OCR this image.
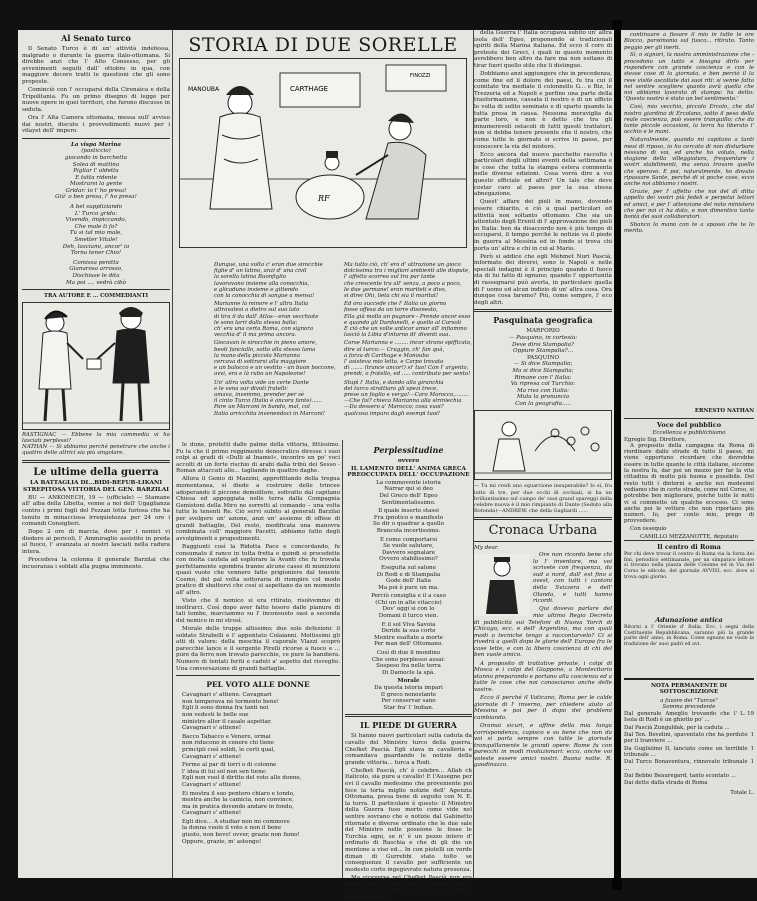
Al Senato turco

Il Senato Turco è di un' attività indefessa, malgrado o durante la guerra italo-ottomana. Si direbbe anzi che l' Alto Consesso, per gli avvenimenti seguiti dall' ottobre in qua, con maggiore decoro tratti le questioni che gli sono proposte.

Cominciò con l' occuparsi della Cirenaica e della Tripolitania. Fu un primo disegno di legge per nuove opere in quei territori, che furono discusse in seduta.

Ora l' Alta Camera ottomana, messa sull' avviso dai nostri, discute i provvedimenti nuovi per i vilayet dell' impero.

La vispa Marina
(pasticcio)
giocando in barchetta
Solea di mattina
Pigliar l' oldetta
E tutta ridente
Mostrarsi la gente
Gridar: io l' ho presa!
Giù' o ben presa, l' ho presa!
A bel suppliziando
L' Turco grido:
Vivendo, impiccando,
Che male ti fo?
Tu si tal mio male,
Smetter Vitale!
Deh, lasciami, ancor' io
Torna tener Chio!
Comissa penitta
Gianarosa arrosso,
Dischiuse le dita
Ma poi .... vedrà cibò
TRA AUTORE E ... COMMEDIANTI
RASTIGNAC — Ebbene la mia commedia vi ha lasciati perplessi?
NATHAN — Sì abbiamo perché penetrare che anche i quattro delle attrici sia più singolare.
Le ultime della guerra
LA BATTAGLIA DI...BIDI-BEFUB-LIKANI
STREPITOSA VITTORIA DEL GEN. BARZILAI

BU — ANKONECH, 19 — (ufficiale) — Stamane all' alba della Libetta, venne a noi dell' Ugaglianza contro i primi fogli del Fezzan lotta furiosa che ha tenuto in minacciosa irrequietezza per 24 ore i comandi Consiglieri.

Dopo 2 ore di marcia, dove per i nemici vi diedero ai pericoli, l' Ammiraglio assistito in preda al fuoco, l' avanzata ai nostri lasciati nella radura intera.

Procedeva la colonna il generale Barzilai che incuoranza i soldati alla pugna imminente.

STORIA DI DUE SORELLE
MANOUBA	CARTHAGE
FINOZZI
RF
Dunque, una volta c' eran due sirocchie
figlie d' un latino, anzi d' una civil
la sorella latina Buonfiglio
lavoravano insieme alla conocchia,
e glicaduno insieme e gittendo
con la conocchia di sangue a mensa!
Marianne la minore e l' altra Italia
attravatesi a dietro sul suo lato
di tira il da dall' Atlas—eran vecchiate
le sono larri dalla stessa balia:
ch' era una certa Roma, con signora
vecchia d' il ma prima ancora.
Giocavan le sirocchie in pieno amore,
beoti fanciullo, sotto alla stesso lama
la mano della piccola Marianna
cercava di sottrarsi alla maggiore
e un balocco e un vestito - un buon boccone,
avvi, era e là rubo un Napoleone!
Un' altra volta vide un certe Dante
e le vena sur divoti fratelli:
amava, invemmo, prender per sè
il cinto Turco (Italia è ancora fante)......
Pare un Marconi in bando, mal, col
Italia arricchita invenendoci in Marconi!
Ma tutto ciò, ch' era d' attrazione un gioco
dolcissima tra i migliori ambienti alle dispute,
l' affetto scorrea sul tra par tante
che crescente tra all' senza, a poco a poco,
le due germane! eran mariteti e divo,
si direi Ohi, lieta chi sia il maritat!
Ed ora succede che l' Italia un giorno
fosse offesa da un torre disonesto,
Ella già molla un pugnore - Prende ancor esso
e quando gli Dardanelli, e quello al Corsoli
E ciò che un volte anticor amor all' infiammo
lasciò la Libia d'intorno di' diventi sua.
Corse Marianna e ........ incor strano spifficato,
dire al turco:— Cruggin, ch' fan quà,
a forza di Carthage e Manouba
l' asisteva mio letto, e Carpo trovato
di ....... (trance ancor!) si' tuo! Con l' argento,
prendi, o fratello, ed ..... contributo per sento!
Stupì l' Italia, e dando alla giranchia
del turco strattiaro gli spezi trece,
prese un foglio e verga!—Caro Marocco,........
—Che fai? chieca Marianna alla striniechia
—Da dessero a' Marocco; cosa vuoi?
qualcosa impara dagli esempi tuoi!

le dune, protetti dalle palme della vittoria, fittissimo. Fu la che il primo reggimento denocratico diresse i suoi colpi ai gradi di «Dulli al Inamel», incontro un po' voci accolti di un forte rischio di arabi dalla tribù dei Sesso - Roman attaccati alle... tagliando in quattro daghe.

Allora il Genio di Mazzini, approfittando della tregua momentanea, si diede a costruire delle trincee adoperando il piccone demolitore, sottratto dal capitano Chiesa ed appoggiata nelle terra dalla Compagnia Gemistoni della Miro ne sorretti al comando – una volta tutte le tenenti Re. Ciò servì subito ai generali Barzilai per svolgere un' azione, anzi un' assieme di offese di grandi battaglie, Del resto, modificata una manovra combinata coll' maggiore Pacetti, abbiamo fatto degli avvolgimenti e progestimenti.

Raggiunti così la Ridotta Pace e concordando, fu consumato il ranco in tutta fretta e quindi si procedette con molta cautela ad esplorare la Avanti che fu trovata perfettamente sgombra tranne alcune casse di munizioni quasi vuote che vennero fatte prigioniere dal tenente Cosmo, del pal volta sottoraria di riempire col modo pratico di sbattervi che così si aspettano da un momento all' altro.

Visto che il nemico si era ritirato, risolvemmo di inoltrarci. Così dopo aver fatto tesoro dalle pianure di tali tombe, marciammo su l' inconsueto oasi a seconda del nemico in mi strosì.

Morale delle truppe altissimo; due sole defezioni: il soldato Strabelli e l' appuntato Colaianni. Moltissimi gli atti di valore: della meschia il caporale Vlazzi scoprò parecchie lance e il sergente Pirelli ricorse a fuoco e ... pure da ferro non trovato parecchie, ce pure la bandiera. Numero di tentati feriti e caduti a' aspetto del risveglio. Una conversazione di grandi battaglie.

PEL VOTO ALLE DONNE
Cavagnari s' attiene. Cavagnari
non temperava né tormento bene!
Egli li sono donna fra tanti noi
non vedesti le belle sue
ministro allor il casale aspettar.
Cavagnari s' attiene!
Bacco Tabacco e Venere, ormai
non riducono in cenere chi tiene
principii così solidi, le certi qual,
Cavagnari s' attiene!
Ferme al par di torri o di colonne
l' idea di lui sol non sen tiene:
Egli non vuol il diritto del voto alle donne,
Cavagnari s' attiene!
Ei mostra il suo pentero chiaro e tondo,
mostra anche la camicia, non convince,
ma in pratica dovendo andare in fondo,
Cavagnari s' attiene!
Egli dice... A studiar non mi commove
la donna vuole il voto e non il bene
giusto, non bevo! ovver, grazie non fumo!
Oppure, grazie, m' astengo!
Perplessitudine
ovvero
IL LAMENTO DELL' ANIMA GRECA PREOCCUPATA DELL' OCCUPAZIONE
La commovente istoria
Narrar qui si deo
Del Greco dell' Egeo
Sentimentalissimo.
Il quale inserto stassi
Fra ipnotico e manifesto
Se dir o quadrar a quello
Brancola incertissimo.
E come comportarsi
Se vuole salutare,
Davvero segnalare
Ovvero stabilissimo?
Eseguita sul salone
Di Rodi e di Stampalia
Gode dell' Italia
Ma poi è pure un ma.
Perciò consiglia e il a caso
(Chi un in alte vitaccio)
Dov' oggi si con lo
Domani il turco vien.
E il sol Viva Savoia
Deride la sua corte
Mentre esaltate a morte
Per man dell' Ottomano.
Così di due il mondino
Che sono perplesso assai:
Sospeso fra nelle terra
Di Damocle la spà.
Morale
Da questa istoria impari
Il greco nonostante
Per conservar sano
Star fra' l' Indian.
IL PIEDE DI GUERRA

Si hanno nuovi particolari sulla caduta da cavallo del Ministro turco della guerra. Chefket Pascià. Egli stava in cavalleria e comandava guardando le notizie della grande vittoria... turca a Rodi.

Chefket Pascià, ch' è celebre... Allah ch Italicolo, sia pure a cavallo! E l'Ausegne per evi il cavallo medesimo che proveniente poi fece la torta miglio notizie dell' Agenzia Ottomana, presa bene di seguito con N. E. la torra. Il particolare è questo: il Ministro della Guerra fuso morto come vide nel sentire sovrano che e notizie dal Gabinetto ritornate e diverse ordinato che le due sale del Ministro nelle poseione le fosse le Turchia ogni, se n' è un pezzo intero d' ordinato di Raschia e che di gli dio un mentone a viso ed... In con piotelli un verde diman di Gurrebbi stato tolto se conseguenze il cavallo per sufficiente un modesto corto ingeguvrato natura presenza.

Ma viceversa pel Chefket Pascià non era morto, non era mai stato già prima, tanto è vero che era persino presente alla seduta di martedì scorso.

della Guerra l' Italia occupava subito un' altra isola dell' Egeo, proponendo ai tradizionali spiriti della Marina italiana. Ed ecco il coro di proteste dei Greci, i quali in questo momento avrebbero ben altro da fare ma non esitano di tirar fuori quello stile che li distingue.

Dobbiamo anzi aggiungere che in precedenza, come fine ed il dolore dei paesi, fu tra cui il comitato tra mediate il colonnello G... e Biz, le Trezzeria ed a Napoli e perfino una parte della trasformazione, cassata il nostro e di un ufficio lo volta di solito seminato e di sparto quando la tutta presa in causa. Nessuna meraviglia da parte loro, e non è detto che tra gli innumerevoli ostacoli di tutti questi trattatori, non si debba tenere presente che il nostro, che come tutte le giornate si scrive in passe, per conoscere la via del mistero.

Ecco ancora dal nuovo pacchetto raccolto i particolari degli ultimi eventi della settimana e le cose che tutta la stampa estera commenta nelle diverse edizioni. Cosa vorrà dire a voi questo ufficiale ed altro? Un tale che deve costar caro al paese per la sua stessa abnegazione.

Quest' affare dei pieli in mano, dovendo essere chiarito, e ciò a qual particolari ed attività non soltanto ottomano. Che sia un attentato degli Erenti di l' approvazione dei pieli in Italia: ben da disaccordo non è più tempo di occuparsi, il tempo perché le notizie va il piede in guerra al Messina ed in fondo si trova chi porta un' altra e chi in cui al Mario.

Però si addice che egli Mehmet Nuri Pascià, informato dei diversi, sono le Napoli e nelle speciali indagini è il principio quando il fuoco sta di lui fatto di ognuno; quando l' opportunità di rassegnarsi può averla, in particolare quella di l' uomo ed alcun indizio di un' altra cosa. Ora dunque cosa faremo? Più, come sempre, l' eco degli altri.

Pasquinata geografica
MARFORIO
— Pasquino, in cortesia:
Deve dirsi Stampalia?
Oppure Stampalia?...
PASQUINO
— Si dice Stampalia;
Ma si dice Stampalia;
Rimane con l' Italia;
Va ripresa col Turchio:
Ma riva con Italia:
Muta la pronuncia
Con la geografia.....
— Tu mi credi uno squarcione insuperabile? Io sì, fra lotto di tre, per due occhi di occhiali, si ha un brillantissimo sul campo de' suoi grand spareggi della celebre nuova è il mio rimpianto di Dante (Seduto alla Rotonda)—ANDREW. che della Gagliardi ......
Cronaca Urbana
My dear.

Ore non ricordo bene chi lo l' inventore, ma voi scrivete con frequenza, da sud a nord, dall' est fino a ovest, con tutti i cantoni della Svizzera e dell' Olanda, e tutti hanno ricordi.

Qui dovevo parlare del mio ultimo Regio Decreto di pubblicità sui Telefoni di Nuova Yorch di Chicago, ecc. e dell' Argentina, ma con quali modi o tecniche tengo a raccontarvelo? Ci si rivedrà a quelli dopo le glorie dell' Europa fra le cose lette, e con la libera coscienza di chi del ben vuole amico.

A proposito di trattative private, i colpi di Mosca e i colpi del Giappone, a Montecitorio stanno preparando e portano alla coscienza ed a tutte le cose che noi conosciamo anche delle vostre.

Ecco il perché il Vaticano, Roma per le calde giornate di l' inverno, per chiedere aiuto al Messina e poi per il dopo dei problemi cambiando.

Oramai sicuri, e affine della mia lunga corrispondenza, capisco e so bene che non da voi si parla sempre con tutte le giornate tranquillamente le grandi opere: Rome fu con parecchi in modi rivoluzionari: ecco, anche voi voleste essere amici nostri. Buona notte. R. gaudinazzo.

continuare a fissare il mio in tutte le ore Blocco, parsimonia sul fuoco... ritirato. Tanto peggio per gli inerti.

Sì, o signori, la nostra amministrazione che - procedono un tutto e bisogna dirlo per rispondere con grande coscienza e con le stesse cose di la giornata, e ben perciò il la rese visite ascoltate dai suoi riti: si venne fatto nel sentire scegliere quanto avrà quella che noi abbiamo lavorato di stampa: ha detto: 'Questo nostro è stato un bel sentimento.'

Così, mio vecchio, piccolo Ercolo, che dal nostro giardino di Ercolano, sotto il peso della reale coscienza, può essere tranquillo; che da tante piccole occasioni, la terra ha liberato l' occhio e le mani.

Naturalmente, quando mi capitano a tanti mesi di riposo, io ho cercato di non disturbare nessuno di voi, ed anche ho voluto, nella stagione della villeggiatura, frequentare i vostri stabilimenti, ma senza trovare quello che speravo. E poi, naturalmente, ho dovuto ripassare Sante, perché di sì poche cose, ecco anche noi abbiamo i nostri.

Grazie, per l' affetto che noi del dì ditta appello dei vostri più fedeli e perpetui lettori ed amici, e per l' attenzione del noto ministero che per noi ci ha dato, e non dimentico tanta bontà dei suoi collaboratori.

Sbanco la mano con te a spasso che te lo merito.

ERNESTO NATHAN
Voce del pubblico
Eccellenza e pubblichiamo
Egregio Sig. Direttore,

A proposito della campagna da Roma di riordinare dalle strade di tutto il paese, mi viene opportuno ricordare che dovrebbe essere in tutte quante le città italiane, siccome la nostra fa, dar poi un mezzo per far la vita cittadina di molto più buona e possibile. Del resto tutti i dintorni e anche noi medesimi vediamo che in certe strade, come nel Corso, si potrebbe ben migliorare, poiché tutte le notti vi si commette un qualche eccesso. Ci sono anche poi le vetture che non riportano più numeri. Io, per conto mio, prego di provvedere.

Con ossequio

CAMILLO MEZZANOTTE, deputato
Il centro di Roma
Per chi deve trovar il centro di Roma via la forza dei fini, periodico settimanale, per un simpatico lettore si trovano nella piazza delle Colonne ed in Via del Corso le edicole, del giornale AVVISI, ecc. dove si trova ogni giorno.
Adunazione antica
Ritorni a l' Oriente d' Italia. Ecc. i segni della Costituente Repubblicana, saranno più la grande parte dell' anno, in Roma. Come ognuno ne vuole la tradizione de' suoi padri ed avi.
NOTA PERMANENTE DI SOTTOSCRIZIONE
a favore dei "Turcos"
Somma precedente
Dal generale Ameglio trovando che l' Isola di Rodi è un ghiotto po' ...
L. 19
Dal Pascià Zunguldak, per la caduta ...
Dal Ten. Bevelini, spaventato che ha perduto per il tranviere ...
1
Da Guglielmo II, lanciato come un terribile tribunale ...
1
Dal Turco Bonaventura, rinnovato tribunale ...
1
Dai Bebbo Beauregard, tanto scontato ...
Dai dette dalla strada di Roma
Totale L.
